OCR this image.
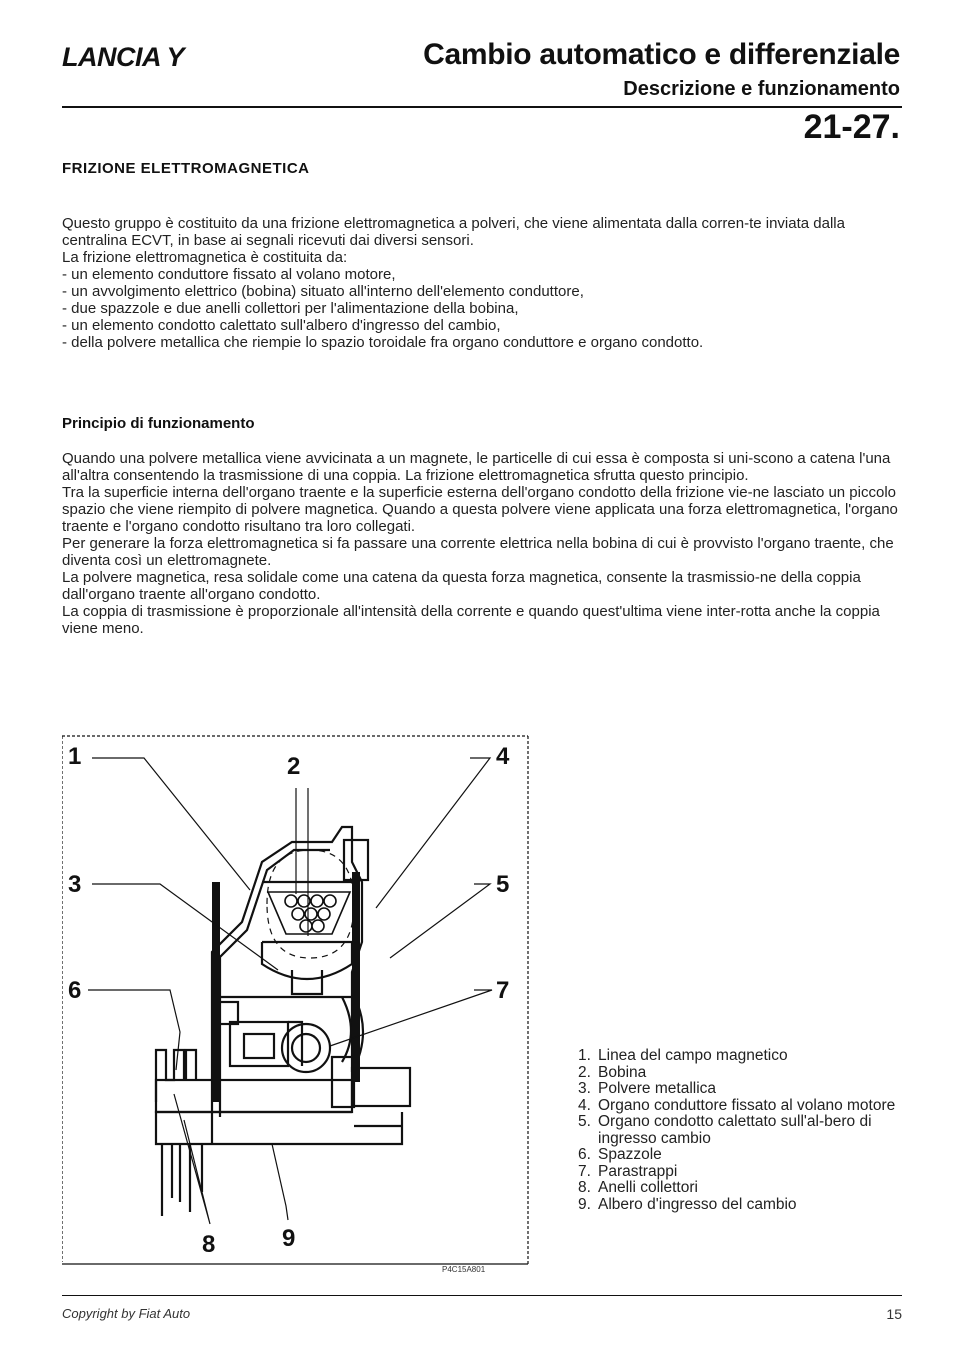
LANCIA Y	Cambio automatico e differenziale
Descrizione e funzionamento
21-27.
FRIZIONE ELETTROMAGNETICA

Questo gruppo è costituito da una frizione elettromagnetica a polveri, che viene alimentata dalla corren-te inviata dalla centralina ECVT, in base ai segnali ricevuti dai diversi sensori.

La frizione elettromagnetica è costituita da:

- un elemento conduttore fissato al volano motore,

- un avvolgimento elettrico (bobina) situato all'interno dell'elemento conduttore,

- due spazzole e due anelli collettori per l'alimentazione della bobina,

- un elemento condotto calettato sull'albero d'ingresso del cambio,

- della polvere metallica che riempie lo spazio toroidale fra organo conduttore e organo condotto.

Principio di funzionamento

Quando una polvere metallica viene avvicinata a un magnete, le particelle di cui essa è composta si uni-scono a catena l'una all'altra consentendo la trasmissione di una coppia. La frizione elettromagnetica sfrutta questo principio.

Tra la superficie interna dell'organo traente e la superficie esterna dell'organo condotto della frizione vie-ne lasciato un piccolo spazio che viene riempito di polvere magnetica. Quando a questa polvere viene applicata una forza elettromagnetica, l'organo traente e l'organo condotto risultano tra loro collegati.

Per generare la forza elettromagnetica si fa passare una corrente elettrica nella bobina di cui è provvisto l'organo traente, che diventa così un elettromagnete.

La polvere magnetica, resa solidale come una catena da questa forza magnetica, consente la trasmissio-ne della coppia dall'organo traente all'organo condotto.

La coppia di trasmissione è proporzionale all'intensità della corrente e quando quest'ultima viene inter-rotta anche la coppia viene meno.

1	2
3
4
5
6	7
8	9
P4C15A801
1. Linea del campo magnetico
2. Bobina
3. Polvere metallica
4. Organo conduttore fissato al volano motore
5. Organo condotto calettato sull'al-bero di ingresso cambio
6. Spazzole
7. Parastrappi
8. Anelli collettori
9. Albero d'ingresso del cambio
Copyright by Fiat Auto	15
